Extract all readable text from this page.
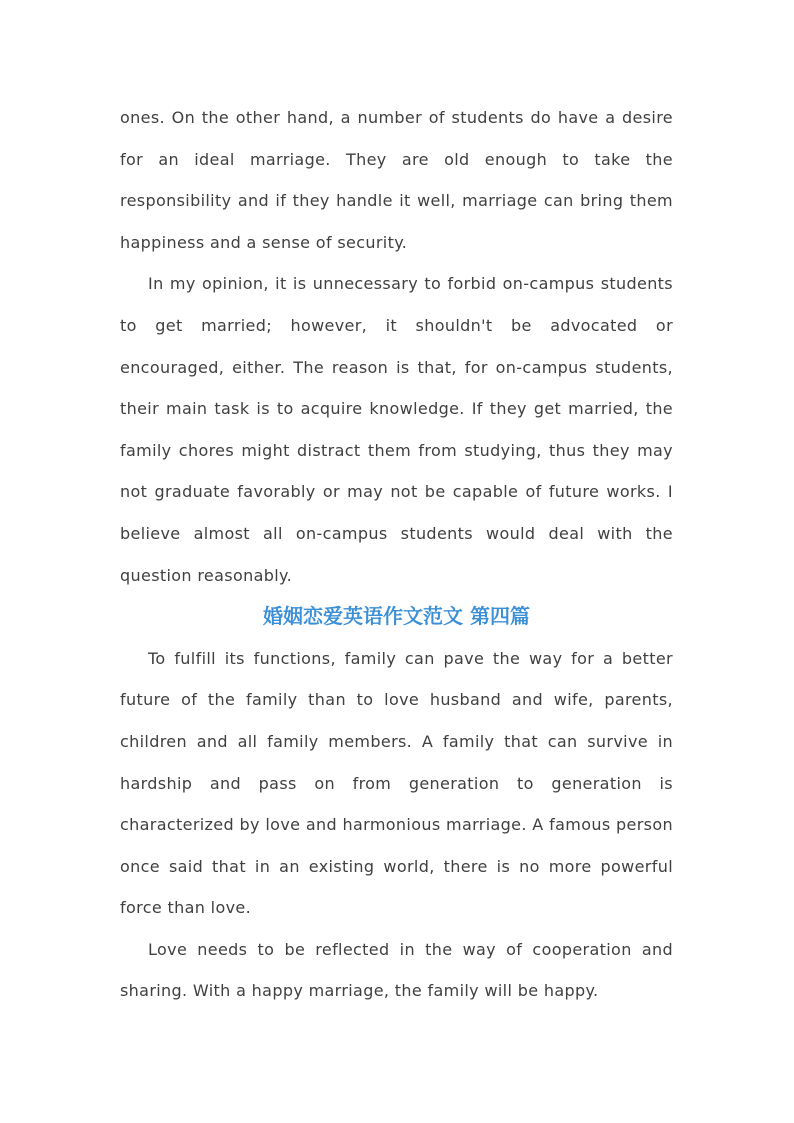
ones. On the other hand, a number of students do have a desire for an ideal marriage. They are old enough to take the responsibility and if they handle it well, marriage can bring them happiness and a sense of security.

In my opinion, it is unnecessary to forbid on-campus students to get married; however, it shouldn't be advocated or encouraged, either. The reason is that, for on-campus students, their main task is to acquire knowledge. If they get married, the family chores might distract them from studying, thus they may not graduate favorably or may not be capable of future works. I believe almost all on-campus students would deal with the question reasonably.

婚姻恋爱英语作文范文 第四篇

To fulfill its functions, family can pave the way for a better future of the family than to love husband and wife, parents, children and all family members. A family that can survive in hardship and pass on from generation to generation is characterized by love and harmonious marriage. A famous person once said that in an existing world, there is no more powerful force than love.

Love needs to be reflected in the way of cooperation and sharing. With a happy marriage, the family will be happy.
